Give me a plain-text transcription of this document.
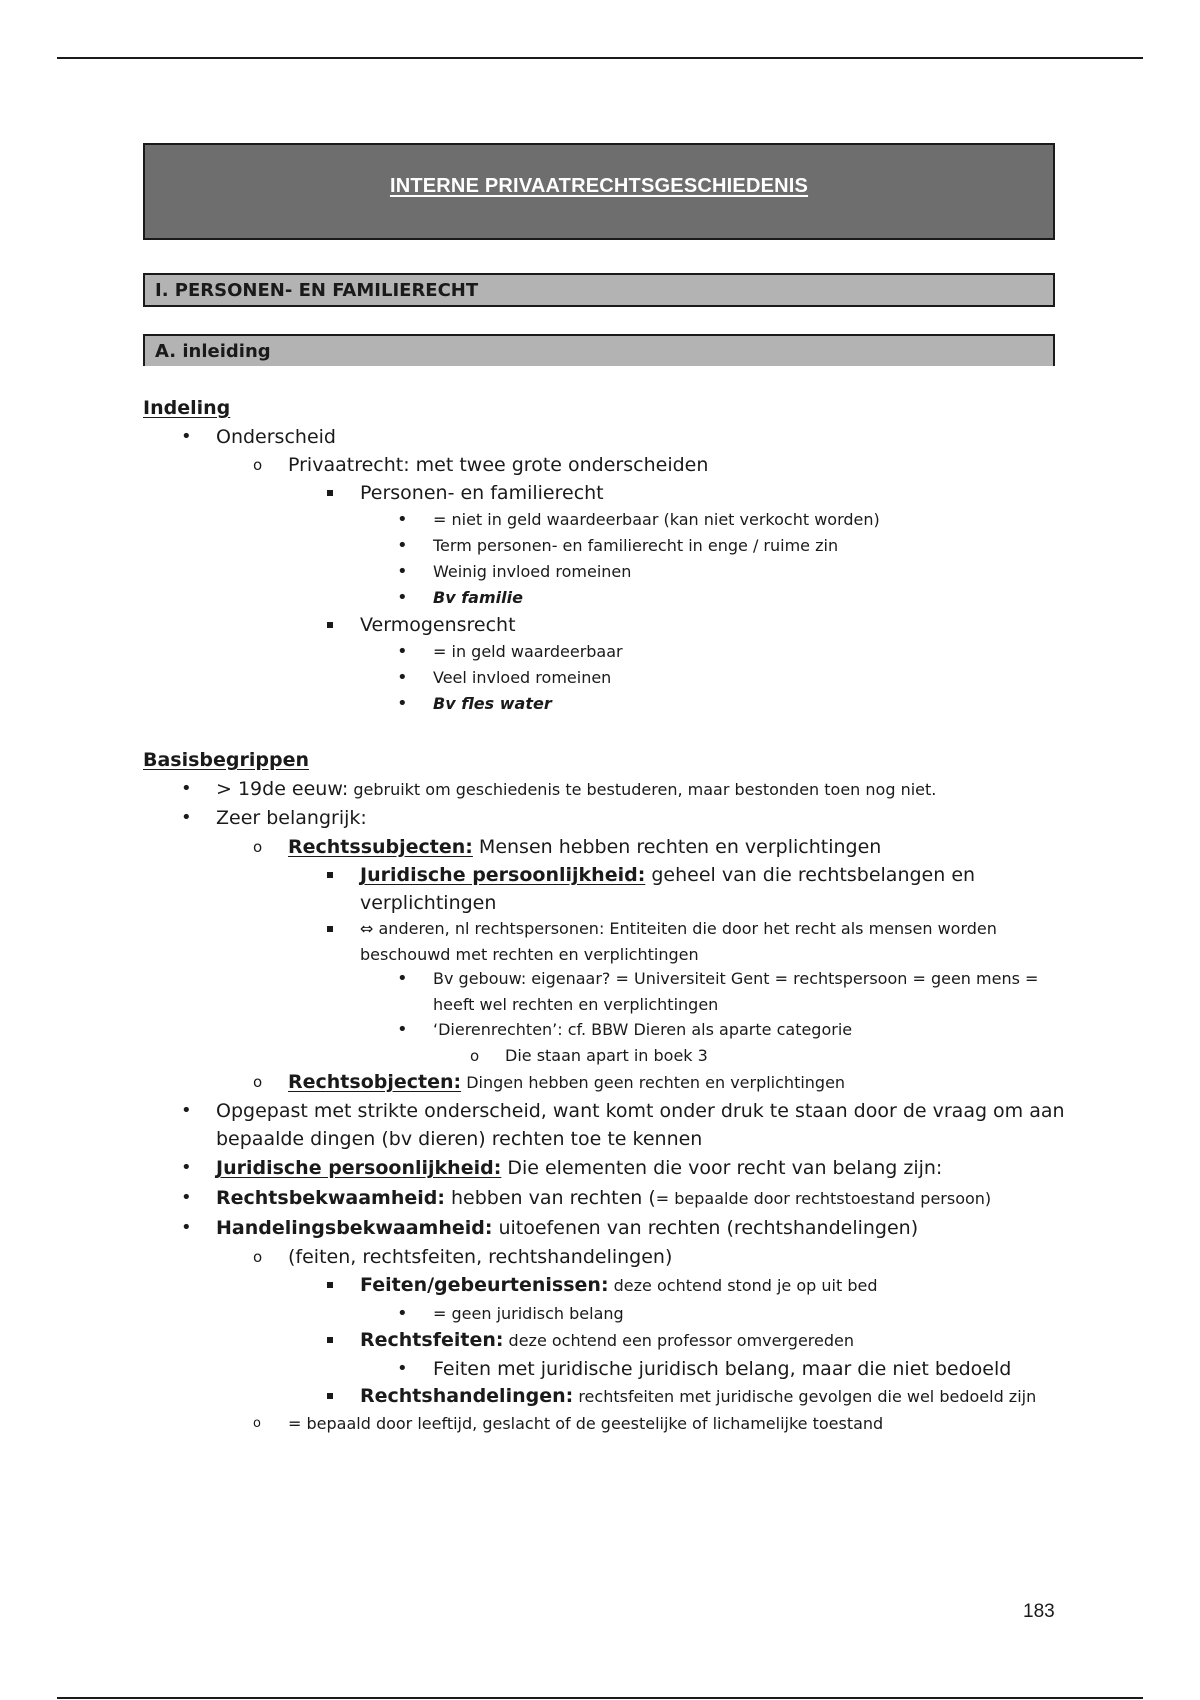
INTERNE PRIVAATRECHTSGESCHIEDENIS
I. PERSONEN- EN FAMILIERECHT
A. inleiding
Indeling
• Onderscheid
o Privaatrecht: met twee grote onderscheiden
Personen- en familierecht
• = niet in geld waardeerbaar (kan niet verkocht worden)
• Term personen- en familierecht in enge / ruime zin
• Weinig invloed romeinen
• Bv familie
Vermogensrecht
• = in geld waardeerbaar
• Veel invloed romeinen
• Bv fles water
Basisbegrippen
• > 19de eeuw: gebruikt om geschiedenis te bestuderen, maar bestonden toen nog niet.
• Zeer belangrijk:
o Rechtssubjecten: Mensen hebben rechten en verplichtingen
Juridische persoonlijkheid: geheel van die rechtsbelangen en
verplichtingen
⇔ anderen, nl rechtspersonen: Entiteiten die door het recht als mensen worden
beschouwd met rechten en verplichtingen
• Bv gebouw: eigenaar? = Universiteit Gent = rechtspersoon = geen mens =
heeft wel rechten en verplichtingen
• ‘Dierenrechten’: cf. BBW Dieren als aparte categorie
o Die staan apart in boek 3
o Rechtsobjecten: Dingen hebben geen rechten en verplichtingen
• Opgepast met strikte onderscheid, want komt onder druk te staan door de vraag om aan
bepaalde dingen (bv dieren) rechten toe te kennen
• Juridische persoonlijkheid: Die elementen die voor recht van belang zijn:
• Rechtsbekwaamheid: hebben van rechten (= bepaalde door rechtstoestand persoon)
• Handelingsbekwaamheid: uitoefenen van rechten (rechtshandelingen)
o (feiten, rechtsfeiten, rechtshandelingen)
Feiten/gebeurtenissen: deze ochtend stond je op uit bed
• = geen juridisch belang
Rechtsfeiten: deze ochtend een professor omvergereden
• Feiten met juridische juridisch belang, maar die niet bedoeld
Rechtshandelingen: rechtsfeiten met juridische gevolgen die wel bedoeld zijn
o = bepaald door leeftijd, geslacht of de geestelijke of lichamelijke toestand
183
